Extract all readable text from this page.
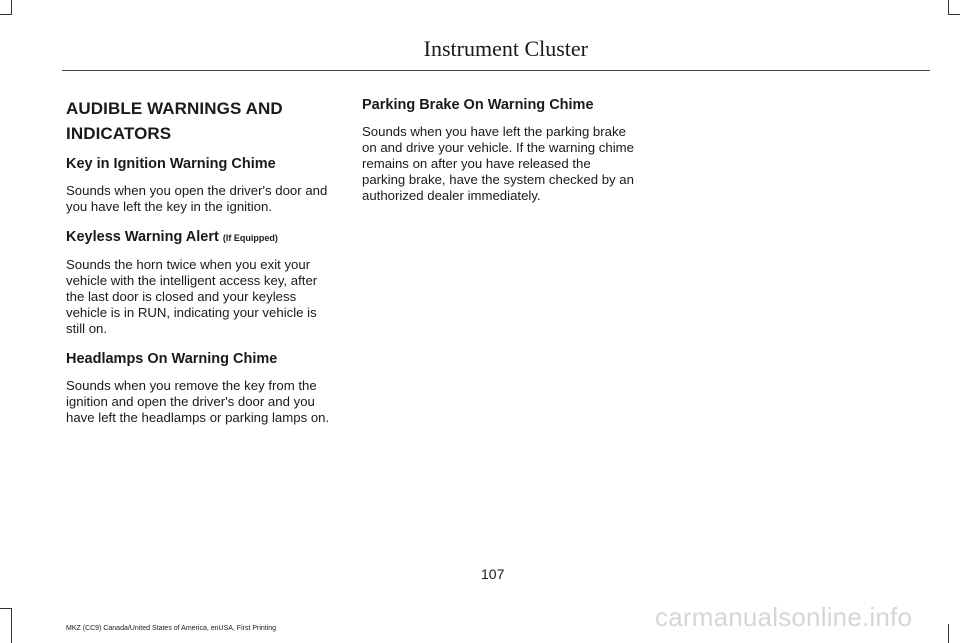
Instrument Cluster
AUDIBLE WARNINGS AND
INDICATORS
Key in Ignition Warning Chime

Sounds when you open the driver's door and you have left the key in the ignition.

Keyless Warning Alert (If Equipped)

Sounds the horn twice when you exit your vehicle with the intelligent access key, after the last door is closed and your keyless vehicle is in RUN, indicating your vehicle is still on.

Headlamps On Warning Chime

Sounds when you remove the key from the ignition and open the driver's door and you have left the headlamps or parking lamps on.

Parking Brake On Warning Chime

Sounds when you have left the parking brake on and drive your vehicle. If the warning chime remains on after you have released the parking brake, have the system checked by an authorized dealer immediately.

107
carmanualsonline.info
MKZ (CC9) Canada/United States of America, enUSA, First Printing
